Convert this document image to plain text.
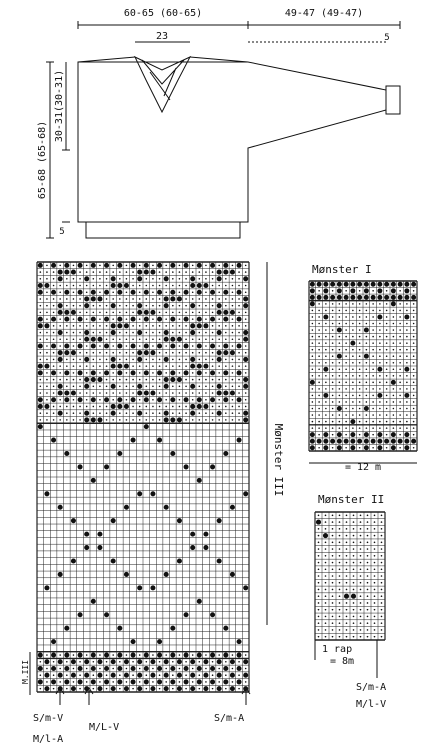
60-65 (60-65)	49-47 (49-47)
23	5
65-68 (65-68)
30-31(30-31)
5
Mønster III
M.III
S/m-V
M/l-A
M/L-V
S/m-A
Mønster I
= 12 m
Mønster II
1 rap
= 8m
S/m-A
M/l-V
